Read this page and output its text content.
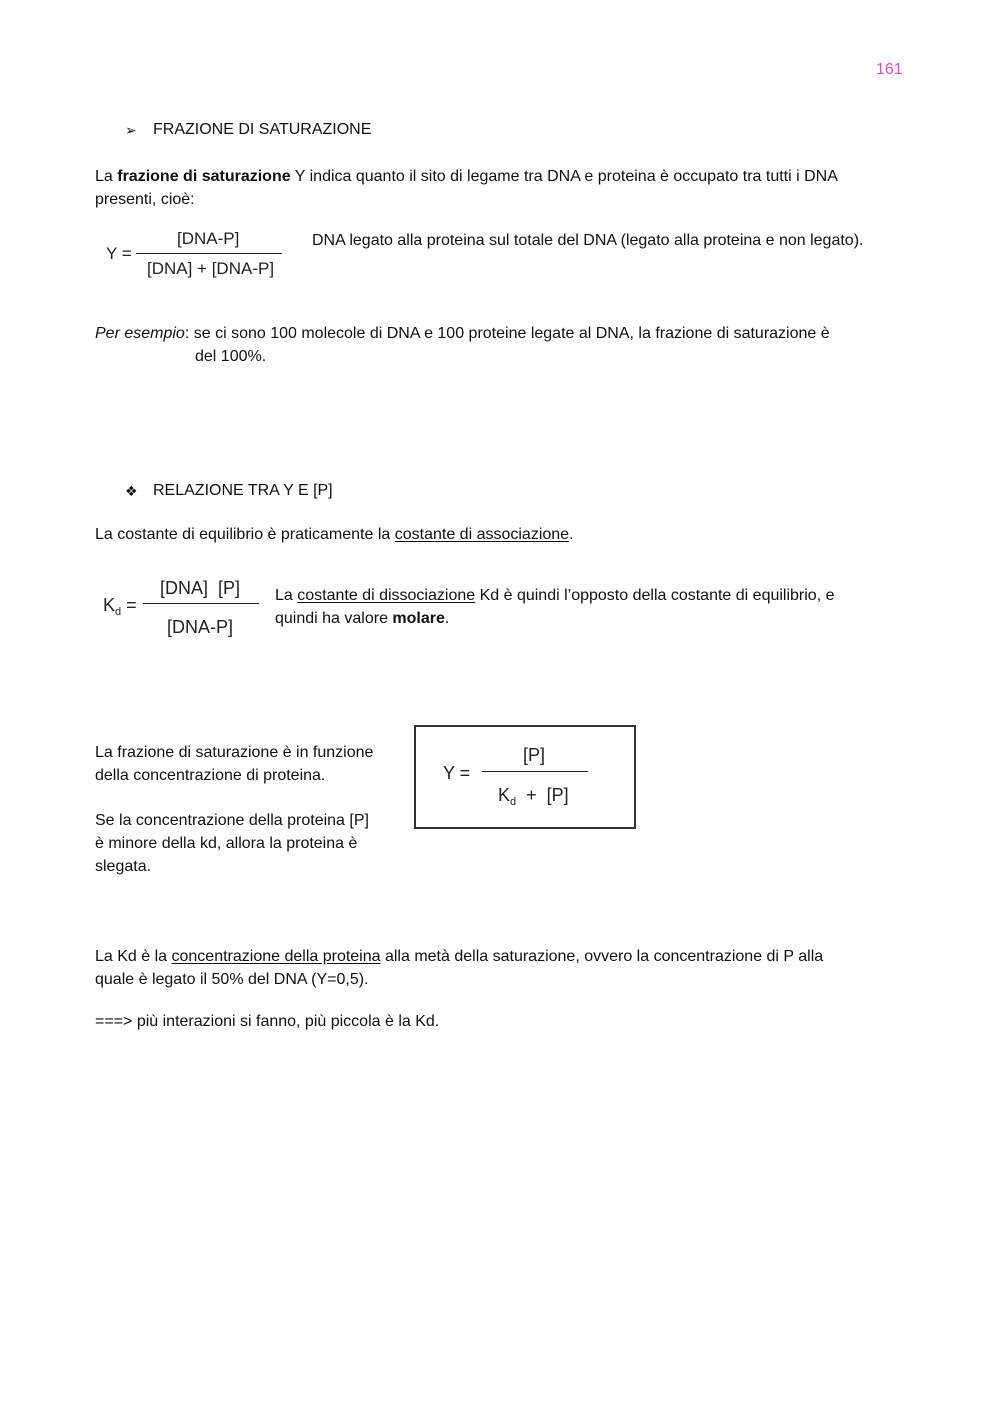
161
➢	FRAZIONE DI SATURAZIONE
La frazione di saturazione Y indica quanto il sito di legame tra DNA e proteina è occupato tra tutti i DNA
presenti, cioè:
Y =
[DNA-P]
[DNA] + [DNA-P]
DNA legato alla proteina sul totale del DNA (legato alla proteina e non legato).
Per esempio: se ci sono 100 molecole di DNA e 100 proteine legate al DNA, la frazione di saturazione è
del 100%.
❖ RELAZIONE TRA Y E [P]
La costante di equilibrio è praticamente la costante di associazione.
$K_d$ =
[DNA]  [P]
[DNA-P]
La costante di dissociazione Kd è quindi l’opposto della costante di equilibrio, e
quindi ha valore molare.
La frazione di saturazione è in funzione
della concentrazione di proteina.
Se la concentrazione della proteina [P]
è minore della kd, allora la proteina è
slegata.
Y =
[P]
$K_d + [P]$
La Kd è la concentrazione della proteina alla metà della saturazione, ovvero la concentrazione di P alla
quale è legato il 50% del DNA (Y=0,5).
===> più interazioni si fanno, più piccola è la Kd.
